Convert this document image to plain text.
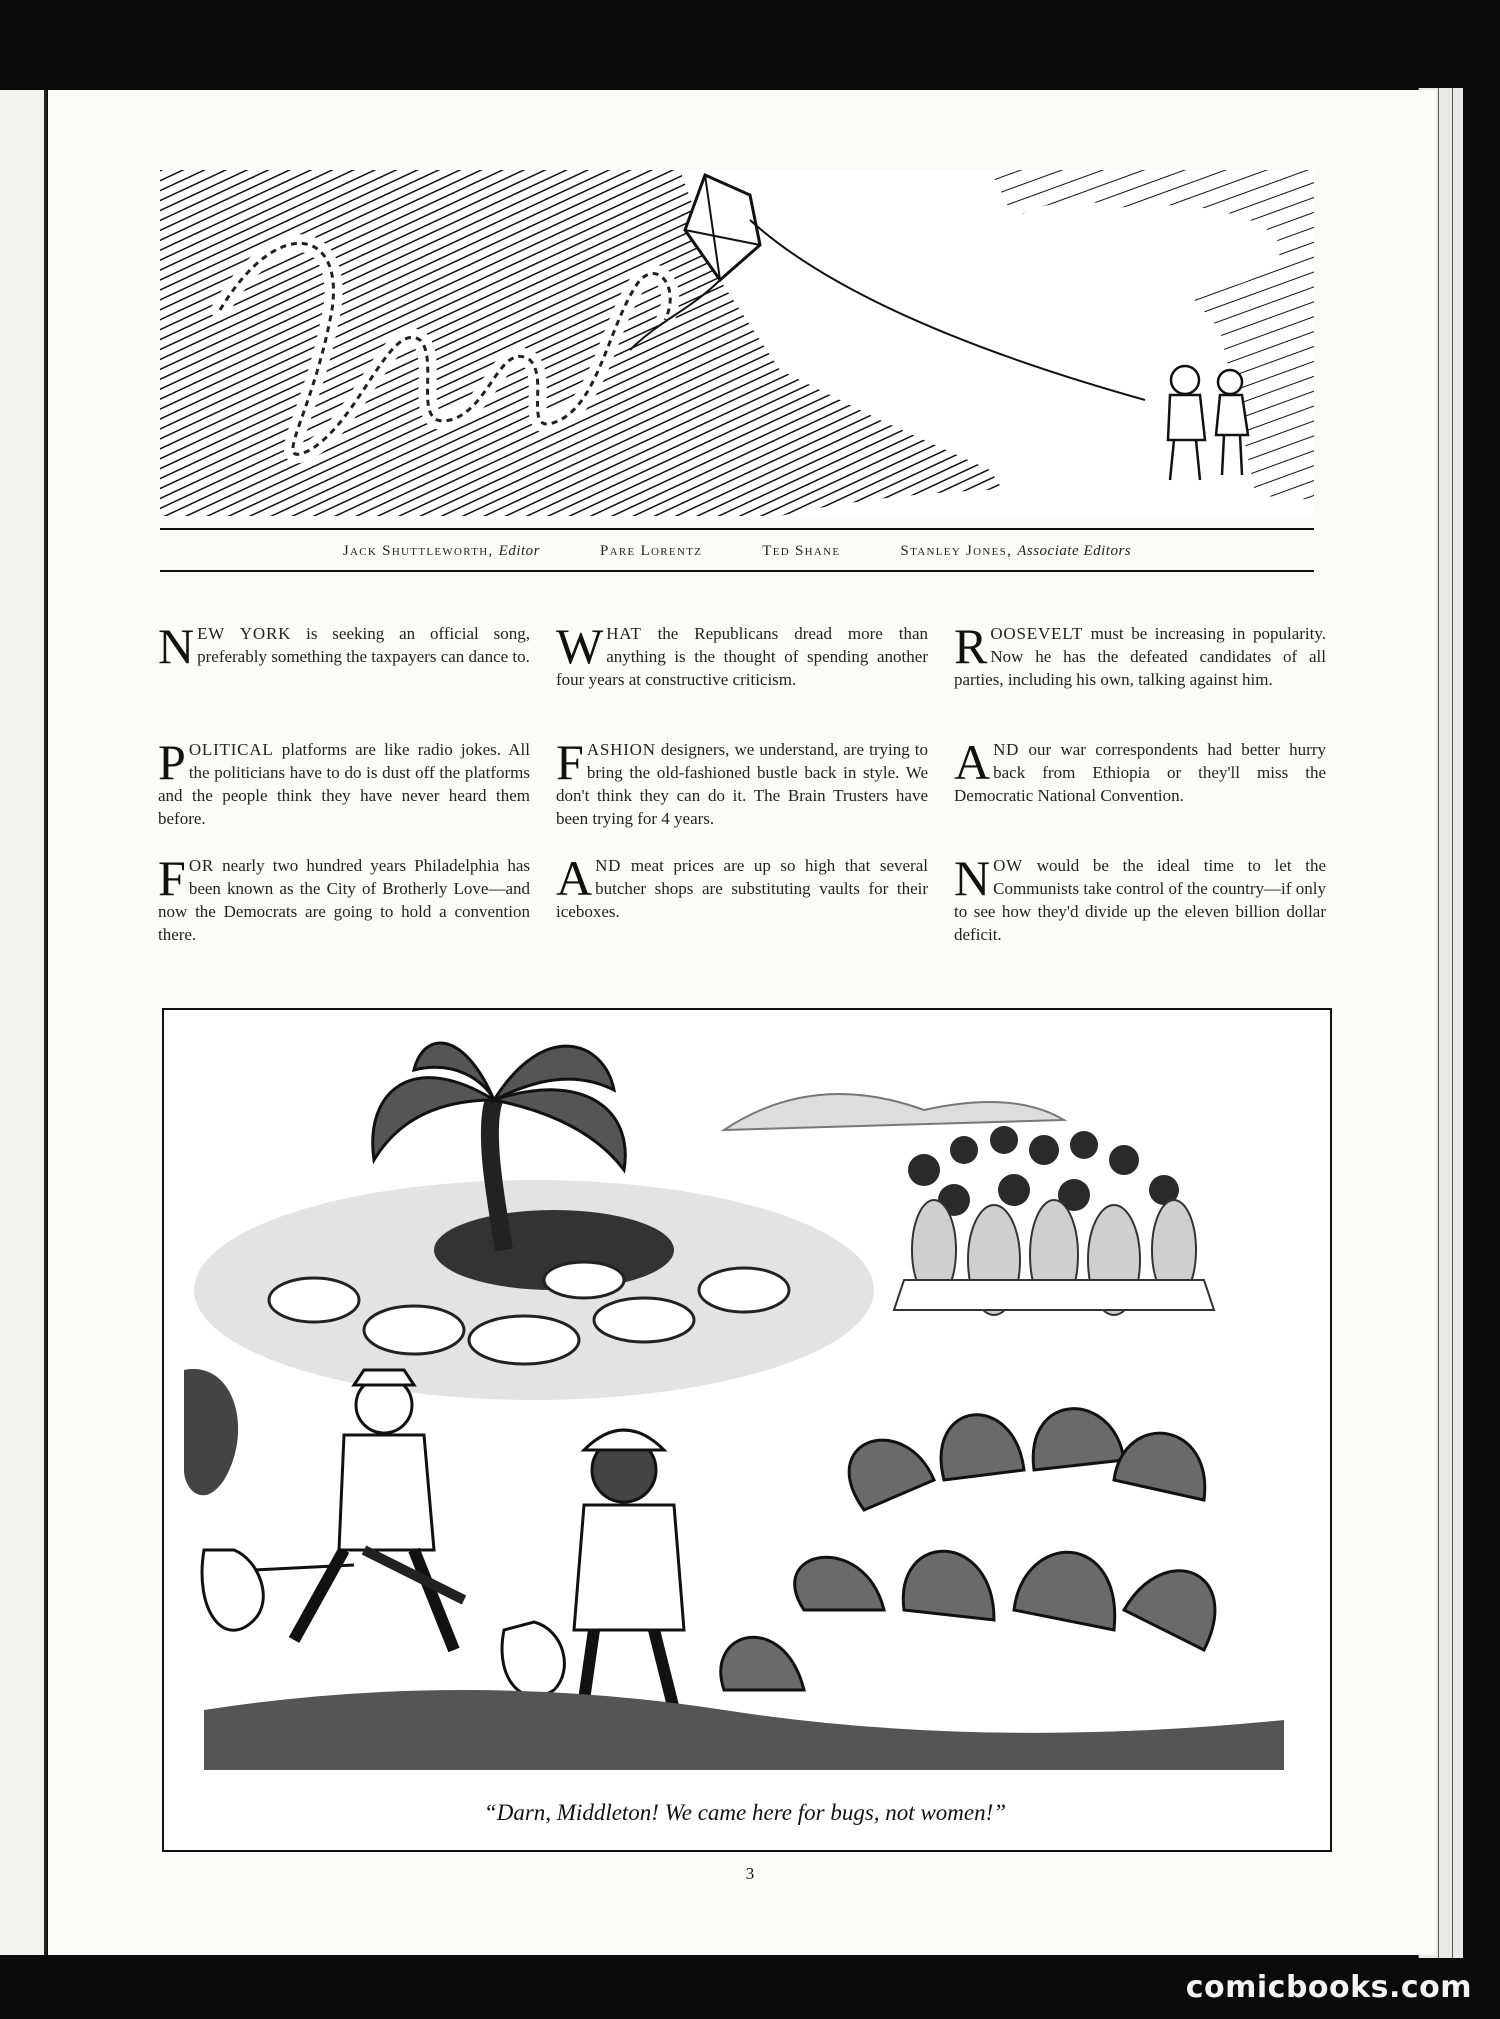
Jack Shuttleworth, Editor	Pare Lorentz	Ted Shane	Stanley Jones, Associate Editors

NEW YORK is seeking an official song, preferably something the taxpayers can dance to.

POLITICAL platforms are like radio jokes. All the politicians have to do is dust off the platforms and the people think they have never heard them before.

FOR nearly two hundred years Philadelphia has been known as the City of Brotherly Love—and now the Democrats are going to hold a convention there.

WHAT the Republicans dread more than anything is the thought of spending another four years at constructive criticism.

FASHION designers, we understand, are trying to bring the old-fashioned bustle back in style. We don't think they can do it. The Brain Trusters have been trying for 4 years.

AND meat prices are up so high that several butcher shops are substituting vaults for their iceboxes.

ROOSEVELT must be increasing in popularity. Now he has the defeated candidates of all parties, including his own, talking against him.

AND our war correspondents had better hurry back from Ethiopia or they'll miss the Democratic National Convention.

NOW would be the ideal time to let the Communists take control of the country—if only to see how they'd divide up the eleven billion dollar deficit.

“Darn, Middleton! We came here for bugs, not women!”
3
comicbooks.com
